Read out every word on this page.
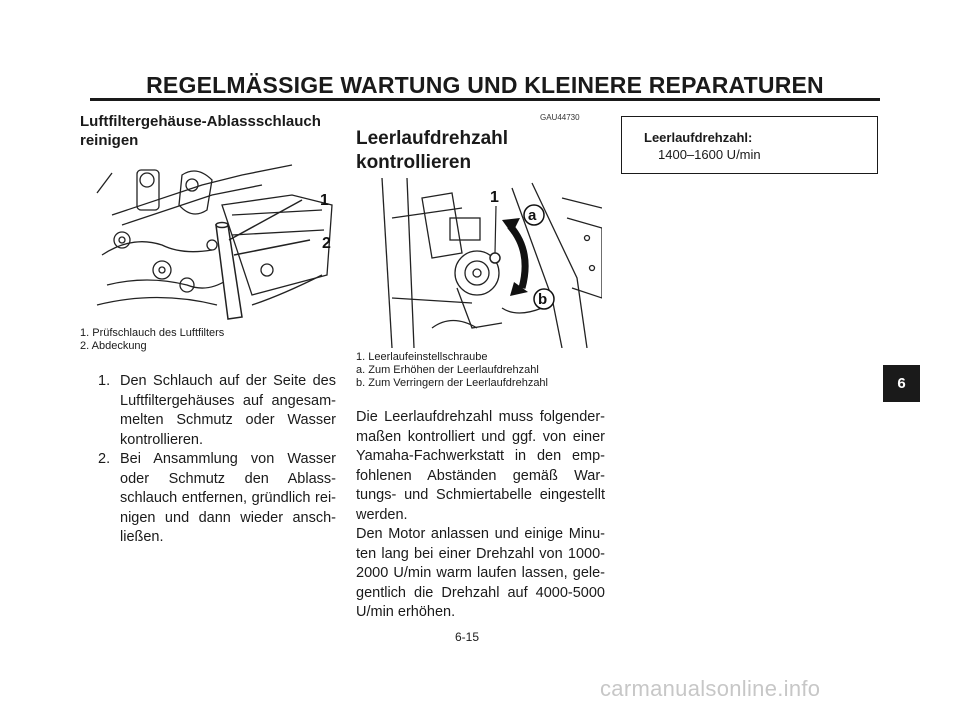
REGELMÄSSIGE WARTUNG UND KLEINERE REPARATUREN
Luftfiltergehäuse-Ablassschlauch
reinigen
1
2
1. Prüfschlauch des Luftfilters
2. Abdeckung
1. Den Schlauch auf der Seite des Luftfiltergehäuses auf angesam-melten Schmutz oder Wasser kontrollieren.
2. Bei Ansammlung von Wasser oder Schmutz den Ablass-schlauch entfernen, gründlich rei-nigen und dann wieder ansch-ließen.
GAU44730
Leerlaufdrehzahl
kontrollieren
1
a
b
1. Leerlaufeinstellschraube
a. Zum Erhöhen der Leerlaufdrehzahl
b. Zum Verringern der Leerlaufdrehzahl

Die Leerlaufdrehzahl muss folgender-maßen kontrolliert und ggf. von einer Yamaha-Fachwerkstatt in den emp-fohlenen Abständen gemäß War-tungs- und Schmiertabelle eingestellt werden.

Den Motor anlassen und einige Minu-ten lang bei einer Drehzahl von 1000-2000 U/min warm laufen lassen, gele-gentlich die Drehzahl auf 4000-5000 U/min erhöhen.

Leerlaufdrehzahl:
1400–1600 U/min
6
6-15
carmanualsonline.info
